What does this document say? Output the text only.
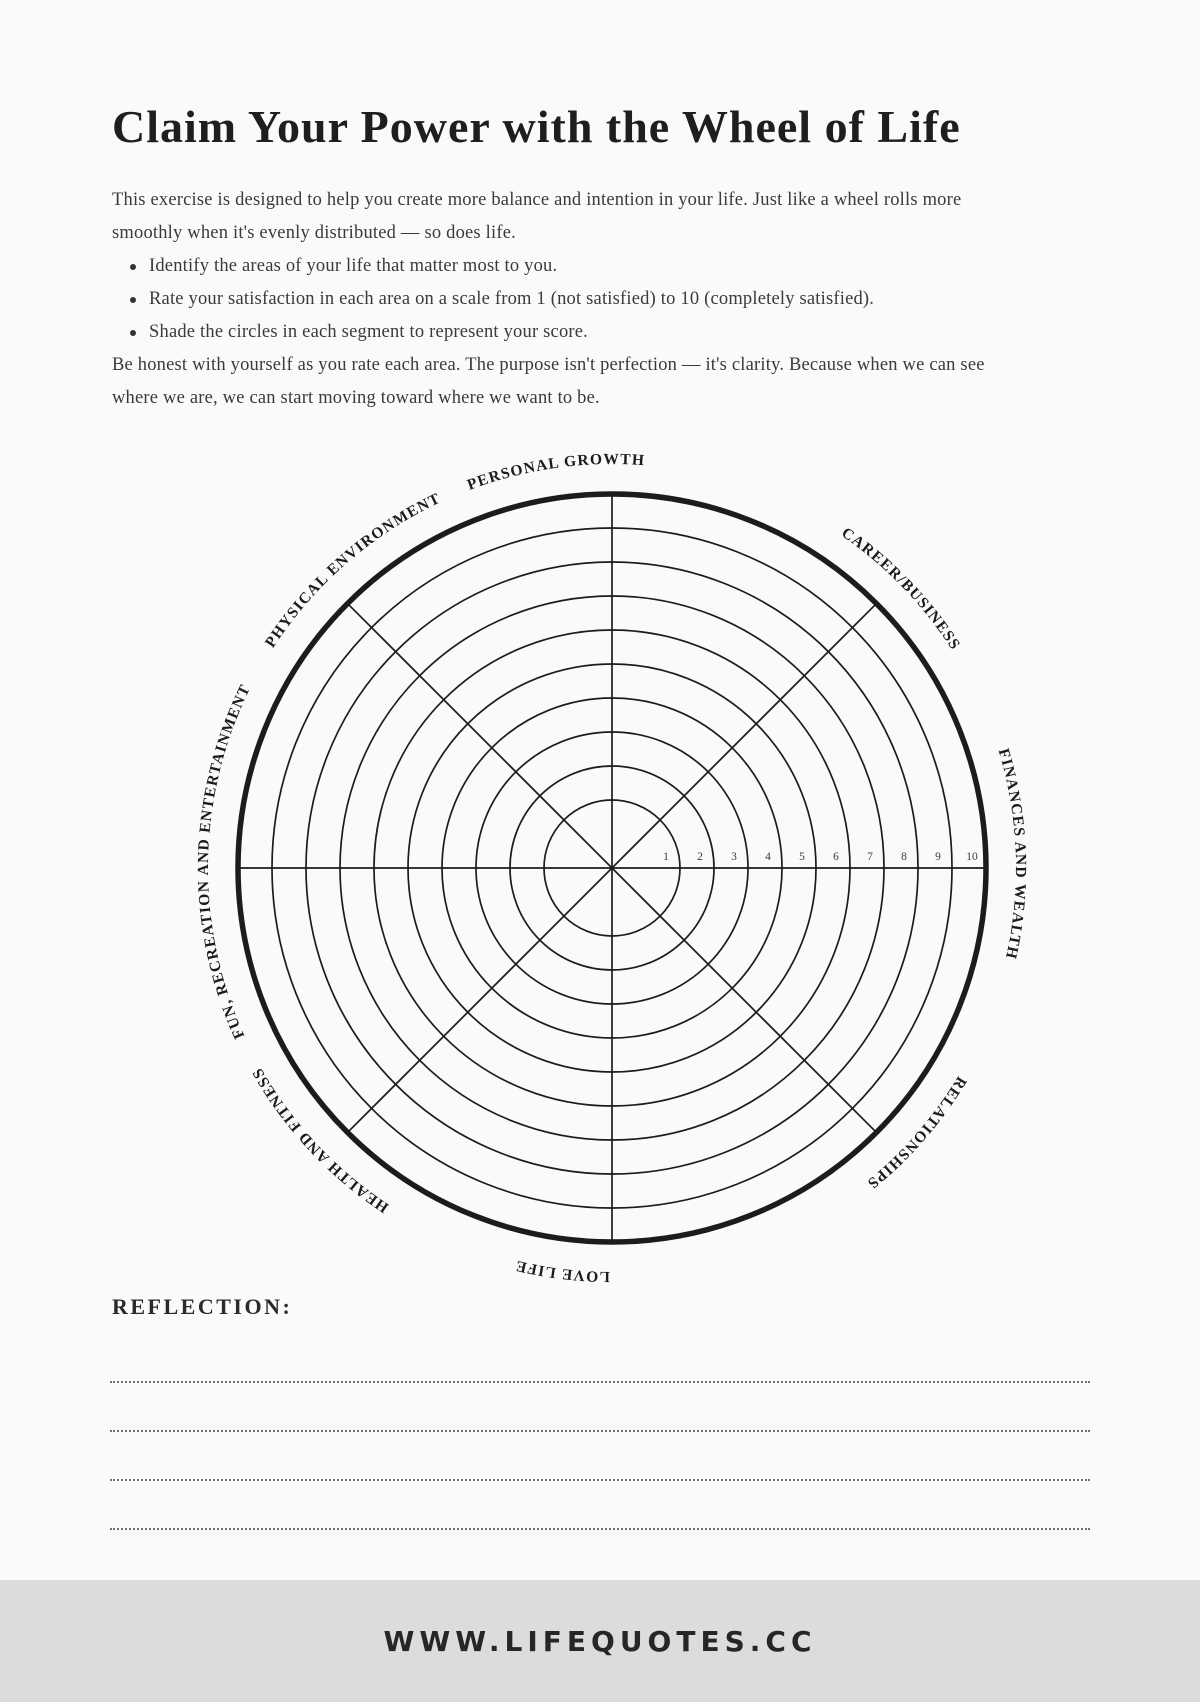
Claim Your Power with the Wheel of Life

This exercise is designed to help you create more balance and intention in your life. Just like a wheel rolls more smoothly when it's evenly distributed — so does life.

Identify the areas of your life that matter most to you.
Rate your satisfaction in each area on a scale from 1 (not satisfied) to 10 (completely satisfied).
Shade the circles in each segment to represent your score.

Be honest with yourself as you rate each area. The purpose isn't perfection — it's clarity. Because when we can see where we are, we can start moving toward where we want to be.

1 2 3 4 5 6 7 8 9 10
PERSONAL GROWTH
CAREER/BUSINESS
FINANCES AND WEALTH
RELATIONSHIPS
LOVE LIFE
HEALTH AND FITNESS
FUN, RECREATION AND ENTERTAINMENT
PHYSICAL ENVIRONMENT
REFLECTION:
WWW.LIFEQUOTES.CC
